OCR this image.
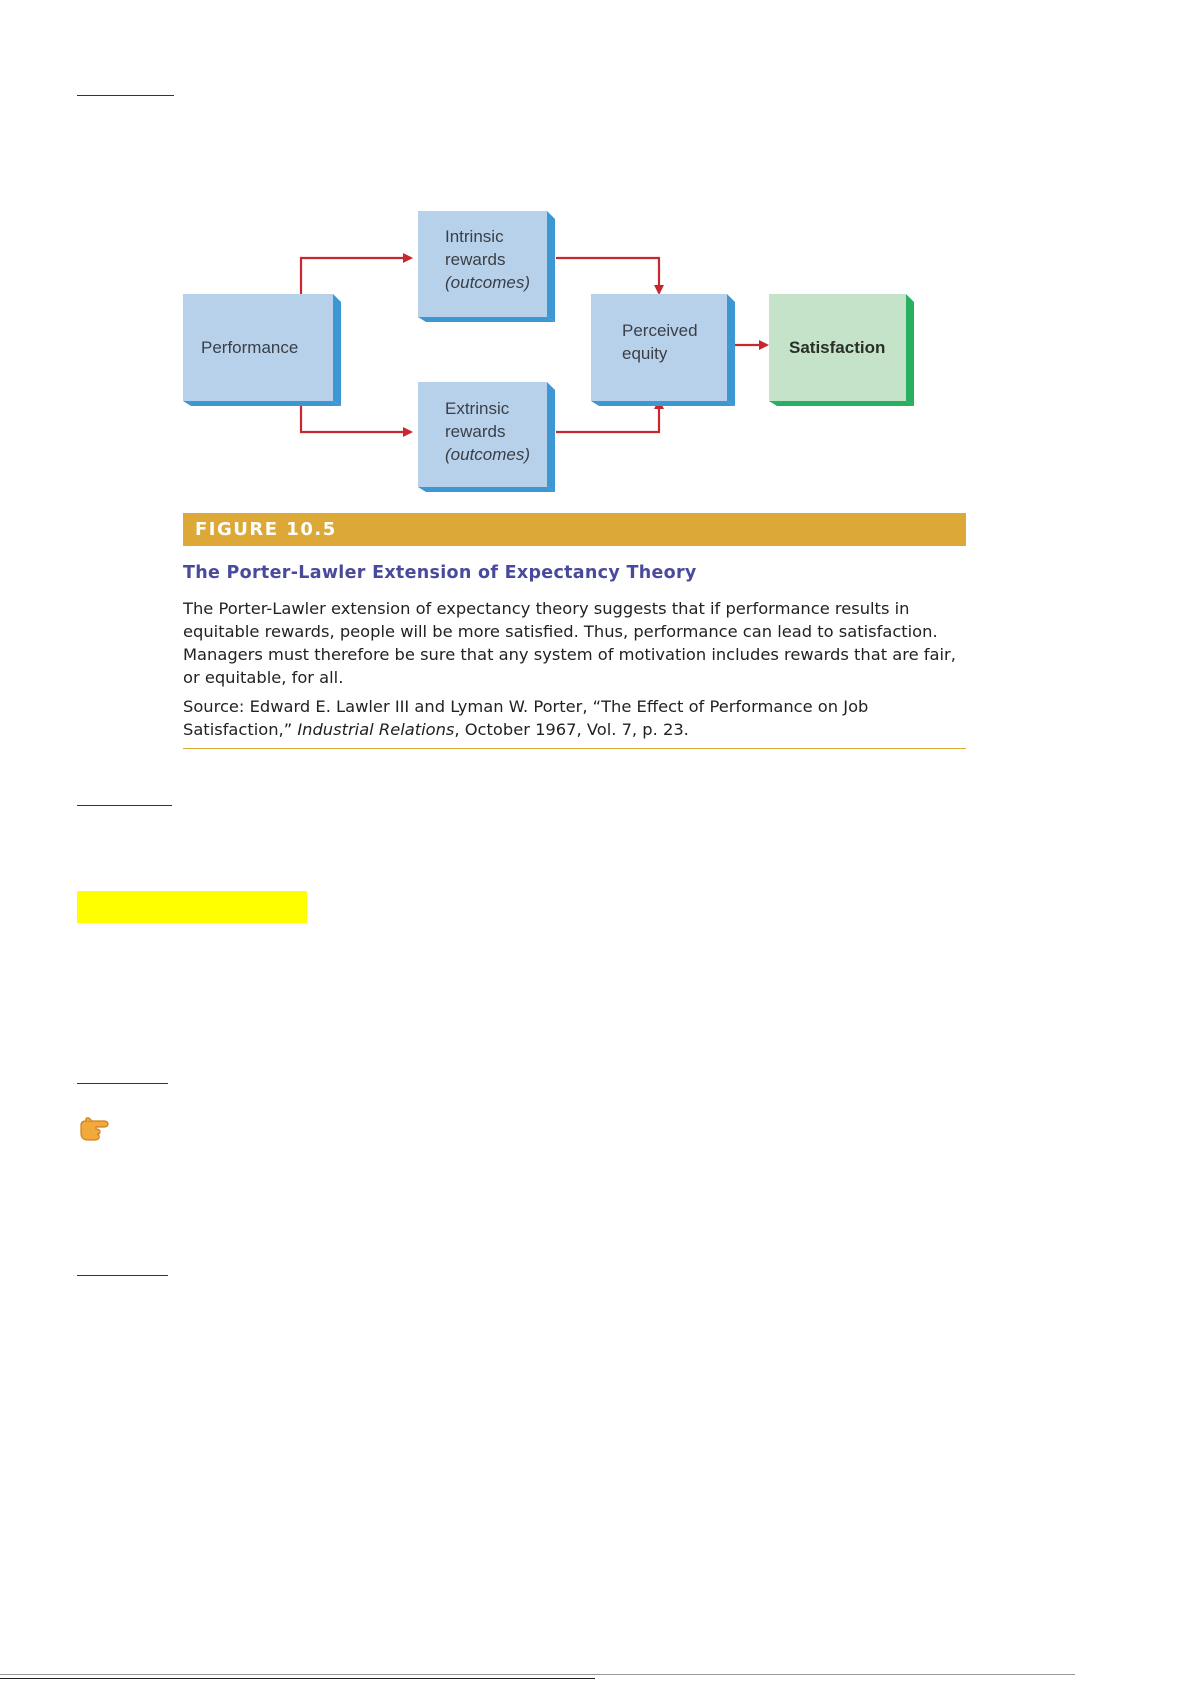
Performance
Intrinsic
rewards
(outcomes)
Extrinsic
rewards
(outcomes)
Perceived
equity	Satisfaction
FIGURE 10.5
The Porter-Lawler Extension of Expectancy Theory
The Porter-Lawler extension of expectancy theory suggests that if performance results in equitable rewards, people will be more satisfied. Thus, performance can lead to satisfaction. Managers must therefore be sure that any system of motivation includes rewards that are fair, or equitable, for all.
Source: Edward E. Lawler III and Lyman W. Porter, “The Effect of Performance on Job Satisfaction,” Industrial Relations, October 1967, Vol. 7, p. 23.
